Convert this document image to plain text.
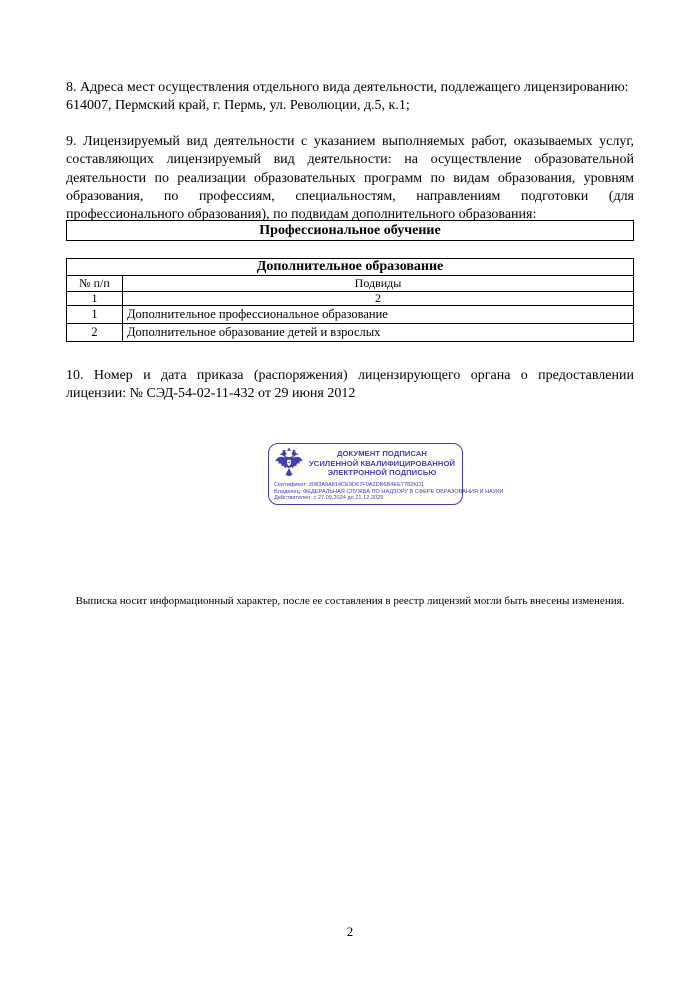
8. Адреса мест осуществления отдельного вида деятельности, подлежащего лицензированию:
614007, Пермский край, г. Пермь, ул. Революции, д.5, к.1;
9. Лицензируемый вид деятельности с указанием выполняемых работ, оказываемых услуг, составляющих лицензируемый вид деятельности: на осуществление образовательной деятельности по реализации образовательных программ по видам образования, уровням образования, по профессиям, специальностям, направлениям подготовки (для профессионального образования), по подвидам дополнительного образования:
Профессиональное обучение
Дополнительное образование	
№ п/п	Подвиды
1	2
1	Дополнительное профессиональное образование
2	Дополнительное образование детей и взрослых
10. Номер и дата приказа (распоряжения) лицензирующего органа о предоставлении лицензии: № СЭД-54-02-11-432 от 29 июня 2012
ДОКУМЕНТ ПОДПИСАН
УСИЛЕННОЙ КВАЛИФИЦИРОВАННОЙ
ЭЛЕКТРОННОЙ ПОДПИСЬЮ
Сертификат: 2083A9A814CE9D67F0A2DB6B4EE7782KD1
Владелец: ФЕДЕРАЛЬНАЯ СЛУЖБА ПО НАДЗОРУ В СФЕРЕ ОБРАЗОВАНИЯ И НАУКИ
Действителен: с 27.09.2024 до 21.12.2025
Выписка носит информационный характер, после ее составления в реестр лицензий могли быть внесены изменения.
2
